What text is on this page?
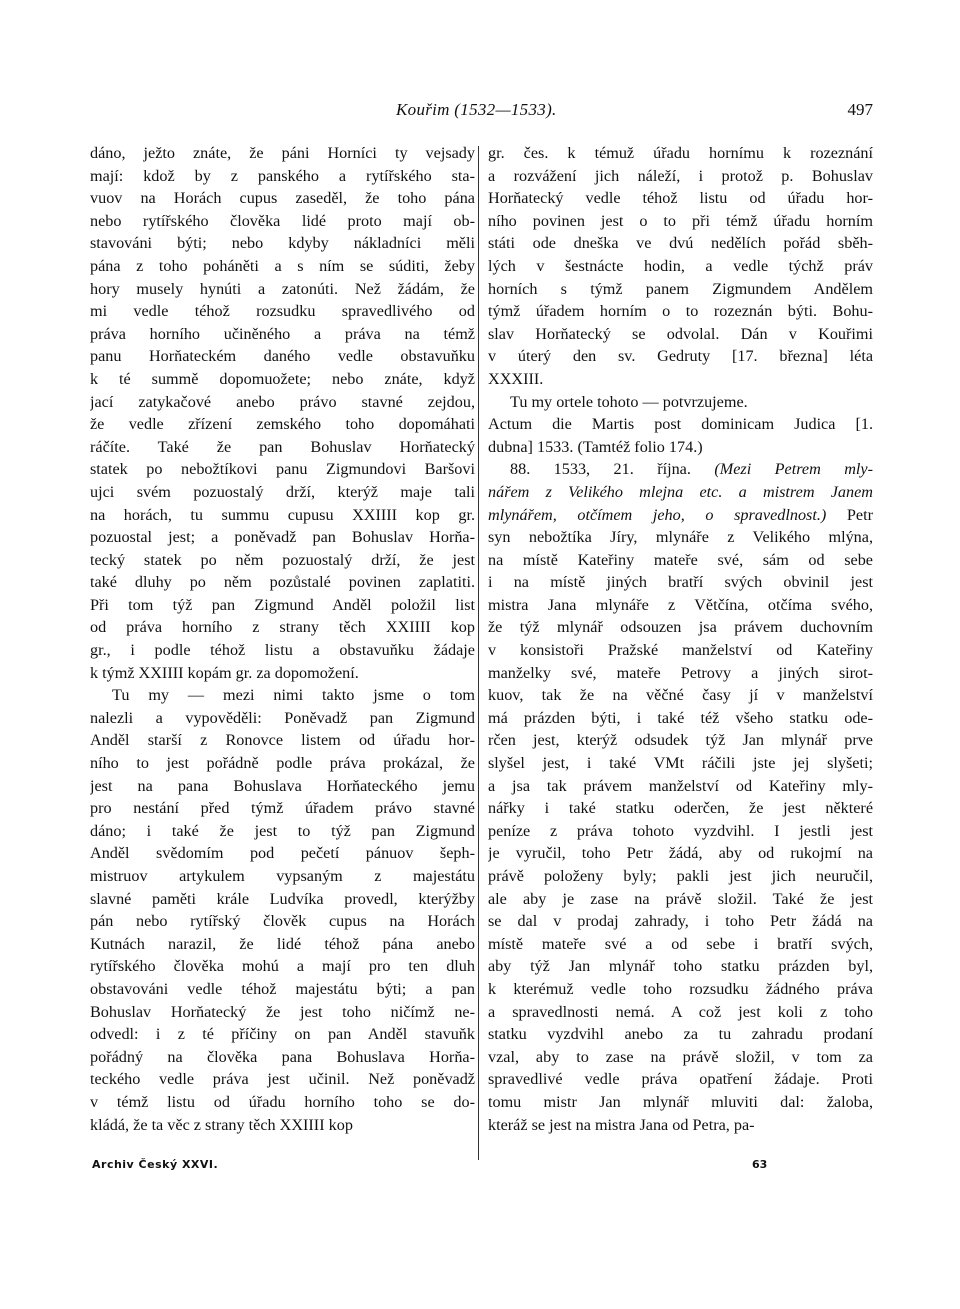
Kouřim (1532—1533).	497
dáno, ježto znáte, že páni Horníci ty vejsady
mají: kdož by z panského a rytířského sta-
vuov na Horách cupus zaseděl, že toho pána
nebo rytířského člověka lidé proto mají ob-
stavováni býti; nebo kdyby nákladníci měli
pána z toho poháněti a s ním se súditi, žeby
hory musely hynúti a zatonúti. Než žádám, že
mi vedle téhož rozsudku spravedlivého od
práva horního učiněného a práva na témž
panu Horňateckém daného vedle obstavuňku
k té summě dopomuožete; nebo znáte, když
jací zatykačové anebo právo stavné zejdou,
že vedle zřízení zemského toho dopomáhati
ráčíte. Také že pan Bohuslav Horňatecký
statek po nebožtíkovi panu Zigmundovi Baršovi
ujci svém pozuostalý drží, kterýž maje tali
na horách, tu summu cupusu XXIIII kop gr.
pozuostal jest; a poněvadž pan Bohuslav Horňa-
tecký statek po něm pozuostalý drží, že jest
také dluhy po něm pozůstalé povinen zaplatiti.
Při tom týž pan Zigmund Anděl položil list
od práva horního z strany těch XXIIII kop
gr., i podle téhož listu a obstavuňku žádaje
k týmž XXIIII kopám gr. za dopomožení.
Tu my — mezi nimi takto jsme o tom
nalezli a vypověděli: Poněvadž pan Zigmund
Anděl starší z Ronovce listem od úřadu hor-
ního to jest pořádně podle práva prokázal, že
jest na pana Bohuslava Horňateckého jemu
pro nestání před týmž úřadem právo stavné
dáno; i také že jest to týž pan Zigmund
Anděl svědomím pod pečetí pánuov šeph-
mistruov artykulem vypsaným z majestátu
slavné paměti krále Ludvíka provedl, kterýžby
pán nebo rytířský člověk cupus na Horách
Kutnách narazil, že lidé téhož pána anebo
rytířského člověka mohú a mají pro ten dluh
obstavováni vedle téhož majestátu býti; a pan
Bohuslav Horňatecký že jest toho ničímž ne-
odvedl: i z té příčiny on pan Anděl stavuňk
pořádný na člověka pana Bohuslava Horňa-
teckého vedle práva jest učinil. Než poněvadž
v témž listu od úřadu horního toho se do-
kládá, že ta věc z strany těch XXIIII kop
gr. čes. k témuž úřadu hornímu k rozeznání
a rozvážení jich náleží, i protož p. Bohuslav
Horňatecký vedle téhož listu od úřadu hor-
ního povinen jest o to při témž úřadu horním
státi ode dneška ve dvú nedělích pořád sběh-
lých v šestnácte hodin, a vedle týchž práv
horních s týmž panem Zigmundem Andělem
týmž úřadem horním o to rozeznán býti. Bohu-
slav Horňatecký se odvolal. Dán v Kouřimi
v úterý den sv. Gedruty [17. března] léta
XXXIII.
Tu my ortele tohoto — potvrzujeme.
Actum die Martis post dominicam Judica [1.
dubna] 1533. (Tamtéž folio 174.)
88. 1533, 21. října. (Mezi Petrem mly-
nářem z Velikého mlejna etc. a mistrem Janem
mlynářem, otčímem jeho, o spravedlnost.) Petr
syn nebožtíka Jíry, mlynáře z Velikého mlýna,
na místě Kateřiny mateře své, sám od sebe
i na místě jiných bratří svých obvinil jest
mistra Jana mlynáře z Větčína, otčíma svého,
že týž mlynář odsouzen jsa právem duchovním
v konsistoři Pražské manželství od Kateřiny
manželky své, mateře Petrovy a jiných sirot-
kuov, tak že na věčné časy jí v manželství
má prázden býti, i také též všeho statku ode-
rčen jest, kterýž odsudek týž Jan mlynář prve
slyšel jest, i také VMt ráčili jste jej slyšeti;
a jsa tak právem manželství od Kateřiny mly-
nářky i také statku oderčen, že jest některé
peníze z práva tohoto vyzdvihl. I jestli jest
je vyručil, toho Petr žádá, aby od rukojmí na
právě položeny byly; pakli jest jich neuručil,
ale aby je zase na právě složil. Také že jest
se dal v prodaj zahrady, i toho Petr žádá na
místě mateře své a od sebe i bratří svých,
aby týž Jan mlynář toho statku prázden byl,
k kterémuž vedle toho rozsudku žádného práva
a spravedlnosti nemá. A což jest koli z toho
statku vyzdvihl anebo za tu zahradu prodaní
vzal, aby to zase na právě složil, v tom za
spravedlivé vedle práva opatření žádaje. Proti
tomu mistr Jan mlynář mluviti dal: žaloba,
kteráž se jest na mistra Jana od Petra, pa-
Archiv Český XXVI.	63
